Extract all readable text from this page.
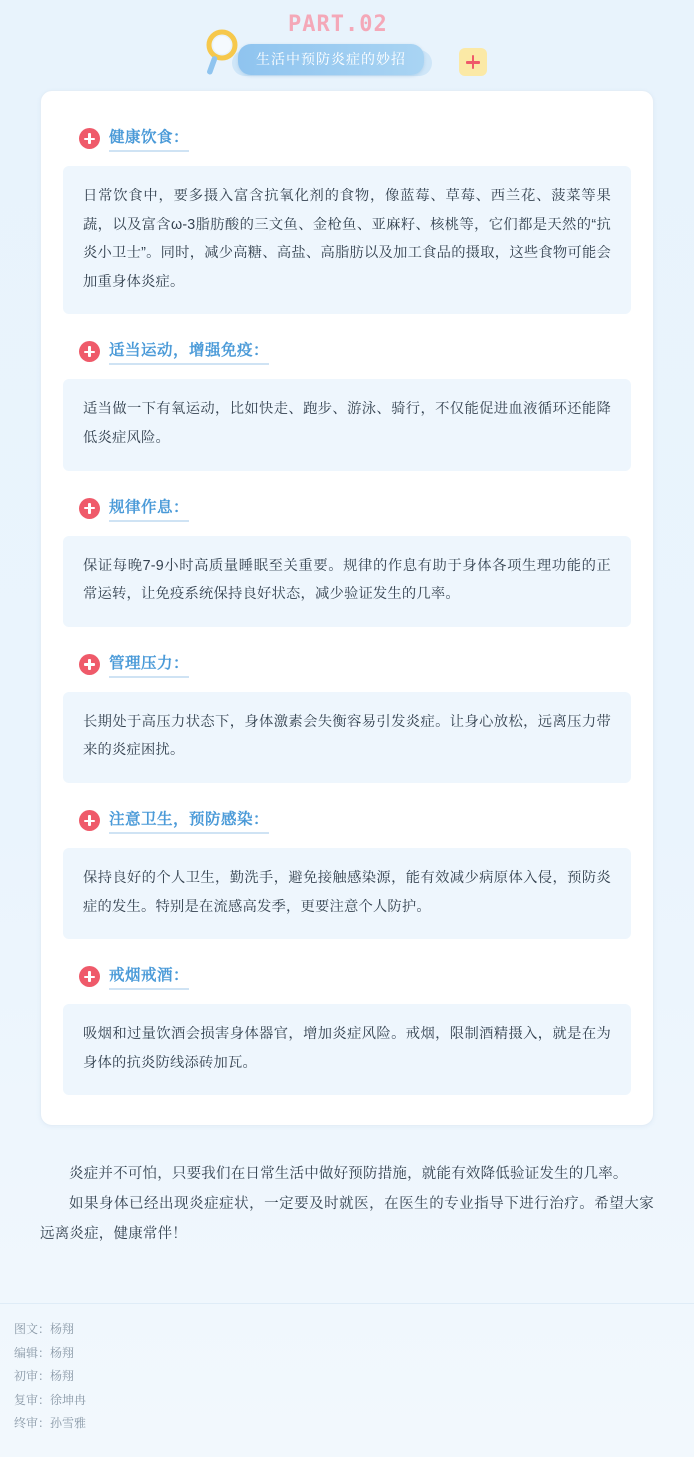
PART.02
生活中预防炎症的妙招
健康饮食：
日常饮食中，要多摄入富含抗氧化剂的食物，像蓝莓、草莓、西兰花、菠菜等果蔬，以及富含ω-3脂肪酸的三文鱼、金枪鱼、亚麻籽、核桃等，它们都是天然的“抗炎小卫士”。同时，减少高糖、高盐、高脂肪以及加工食品的摄取，这些食物可能会加重身体炎症。
适当运动，增强免疫：
适当做一下有氧运动，比如快走、跑步、游泳、骑行，不仅能促进血液循环还能降低炎症风险。
规律作息：
保证每晚7-9小时高质量睡眠至关重要。规律的作息有助于身体各项生理功能的正常运转，让免疫系统保持良好状态，减少验证发生的几率。
管理压力：
长期处于高压力状态下，身体激素会失衡容易引发炎症。让身心放松，远离压力带来的炎症困扰。
注意卫生，预防感染：
保持良好的个人卫生，勤洗手，避免接触感染源，能有效减少病原体入侵，预防炎症的发生。特别是在流感高发季，更要注意个人防护。
戒烟戒酒：
吸烟和过量饮酒会损害身体器官，增加炎症风险。戒烟，限制酒精摄入，就是在为身体的抗炎防线添砖加瓦。

炎症并不可怕，只要我们在日常生活中做好预防措施，就能有效降低验证发生的几率。

如果身体已经出现炎症症状，一定要及时就医，在医生的专业指导下进行治疗。希望大家远离炎症，健康常伴！

图文：杨翔
编辑：杨翔
初审：杨翔
复审：徐坤冉
终审：孙雪雅
